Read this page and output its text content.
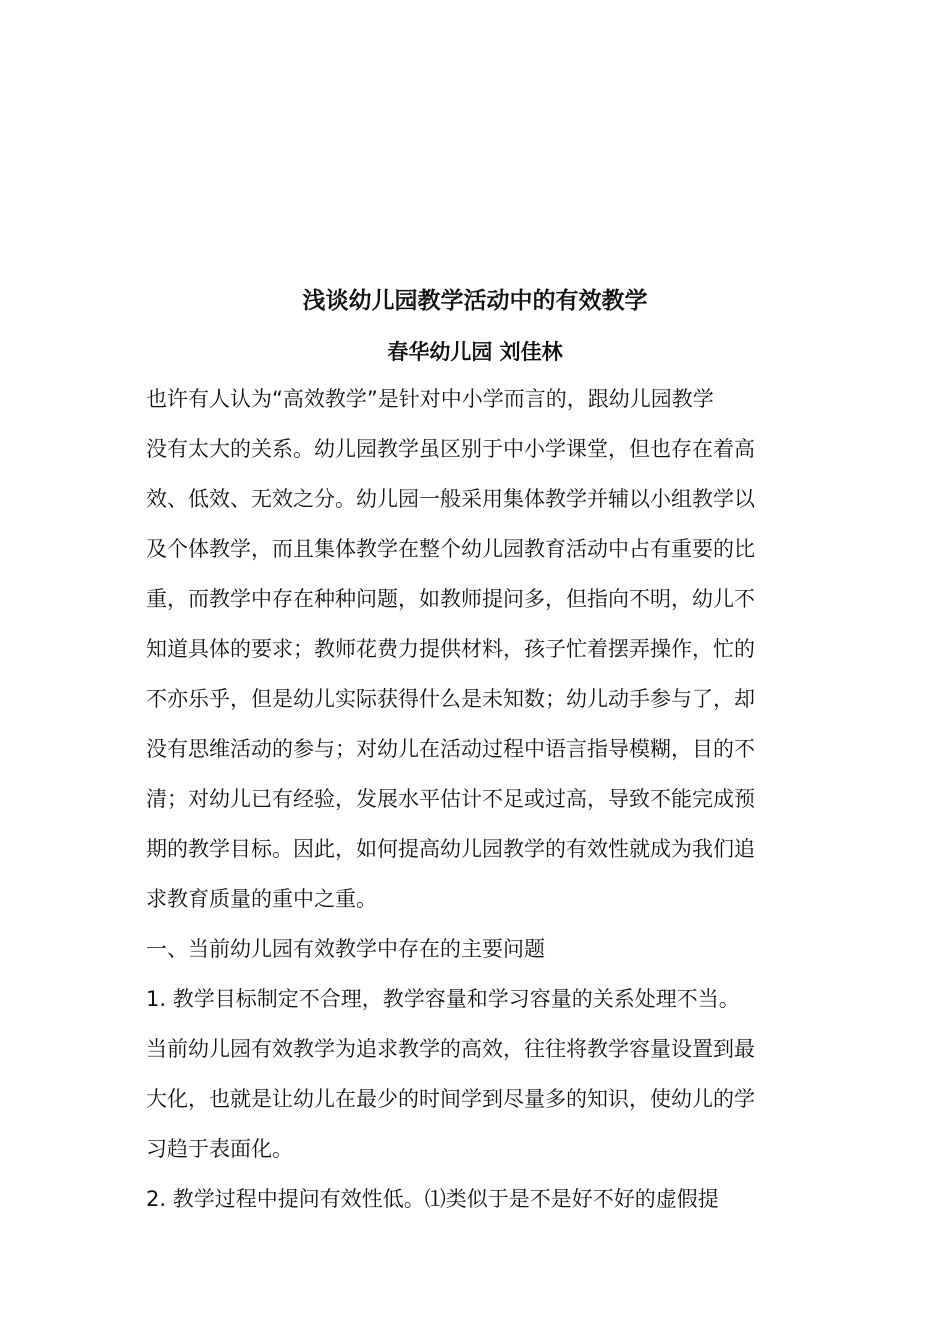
浅谈幼儿园教学活动中的有效教学
春华幼儿园 刘佳林
也许有人认为“高效教学”是针对中小学而言的，跟幼儿园教学
没有太大的关系。幼儿园教学虽区别于中小学课堂，但也存在着高
效、低效、无效之分。幼儿园一般采用集体教学并辅以小组教学以
及个体教学，而且集体教学在整个幼儿园教育活动中占有重要的比
重，而教学中存在种种问题，如教师提问多，但指向不明，幼儿不
知道具体的要求；教师花费力提供材料，孩子忙着摆弄操作，忙的
不亦乐乎，但是幼儿实际获得什么是未知数；幼儿动手参与了，却
没有思维活动的参与；对幼儿在活动过程中语言指导模糊，目的不
清；对幼儿已有经验，发展水平估计不足或过高，导致不能完成预
期的教学目标。因此，如何提高幼儿园教学的有效性就成为我们追
求教育质量的重中之重。
一、当前幼儿园有效教学中存在的主要问题
1. 教学目标制定不合理，教学容量和学习容量的关系处理不当。
当前幼儿园有效教学为追求教学的高效，往往将教学容量设置到最
大化，也就是让幼儿在最少的时间学到尽量多的知识，使幼儿的学
习趋于表面化。
2. 教学过程中提问有效性低。⑴类似于是不是好不好的虚假提
